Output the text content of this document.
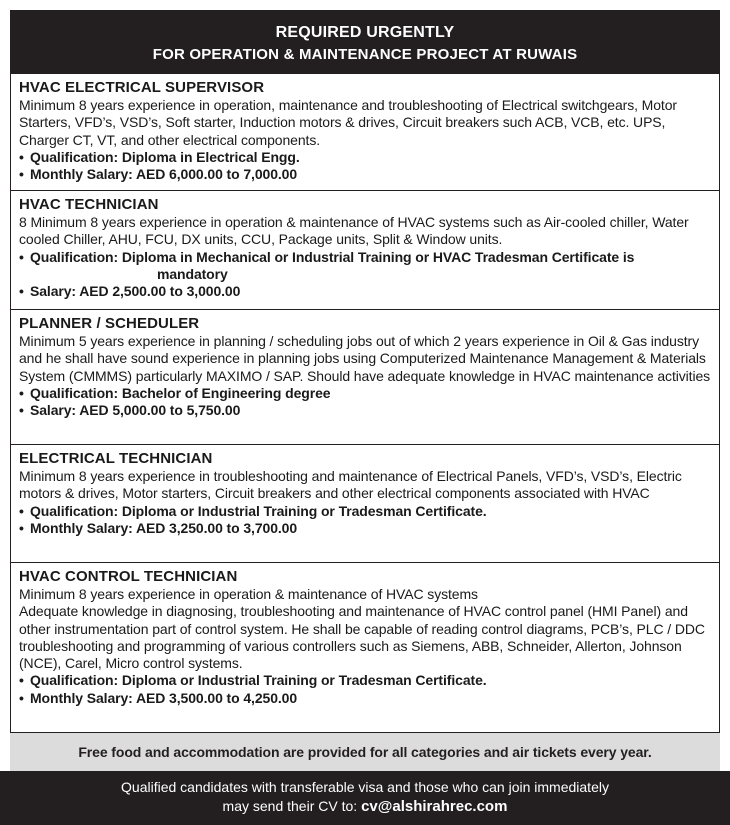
REQUIRED URGENTLY
FOR OPERATION & MAINTENANCE PROJECT AT RUWAIS
HVAC ELECTRICAL SUPERVISOR
Minimum 8 years experience in operation, maintenance and troubleshooting of Electrical switchgears, Motor Starters, VFD’s, VSD’s, Soft starter, Induction motors & drives, Circuit breakers such ACB, VCB, etc. UPS, Charger CT, VT, and other electrical components.
• Qualification: Diploma in Electrical Engg.
• Monthly Salary: AED 6,000.00 to 7,000.00
HVAC TECHNICIAN
8 Minimum 8 years experience in operation & maintenance of HVAC systems such as Air-cooled chiller, Water cooled Chiller, AHU, FCU, DX units, CCU, Package units, Split & Window units.
• Qualification: Diploma in Mechanical or Industrial Training or HVAC Tradesman Certificate is
mandatory
• Salary: AED 2,500.00 to 3,000.00
PLANNER / SCHEDULER
Minimum 5 years experience in planning / scheduling jobs out of which 2 years experience in Oil & Gas industry and he shall have sound experience in planning jobs using Computerized Maintenance Management & Materials System (CMMMS) particularly MAXIMO / SAP. Should have adequate knowledge in HVAC maintenance activities
• Qualification: Bachelor of Engineering degree
• Salary: AED 5,000.00 to 5,750.00
ELECTRICAL TECHNICIAN
Minimum 8 years experience in troubleshooting and maintenance of Electrical Panels, VFD’s, VSD’s, Electric motors & drives, Motor starters, Circuit breakers and other electrical components associated with HVAC
• Qualification: Diploma or Industrial Training or Tradesman Certificate.
• Monthly Salary: AED 3,250.00 to 3,700.00
HVAC CONTROL TECHNICIAN
Minimum 8 years experience in operation & maintenance of HVAC systems
Adequate knowledge in diagnosing, troubleshooting and maintenance of HVAC control panel (HMI Panel) and other instrumentation part of control system. He shall be capable of reading control diagrams, PCB’s, PLC / DDC troubleshooting and programming of various controllers such as Siemens, ABB, Schneider, Allerton, Johnson
(NCE), Carel, Micro control systems.
• Qualification: Diploma or Industrial Training or Tradesman Certificate.
• Monthly Salary: AED 3,500.00 to 4,250.00
Free food and accommodation are provided for all categories and air tickets every year.
Qualified candidates with transferable visa and those who can join immediately
may send their CV to: cv@alshirahrec.com
